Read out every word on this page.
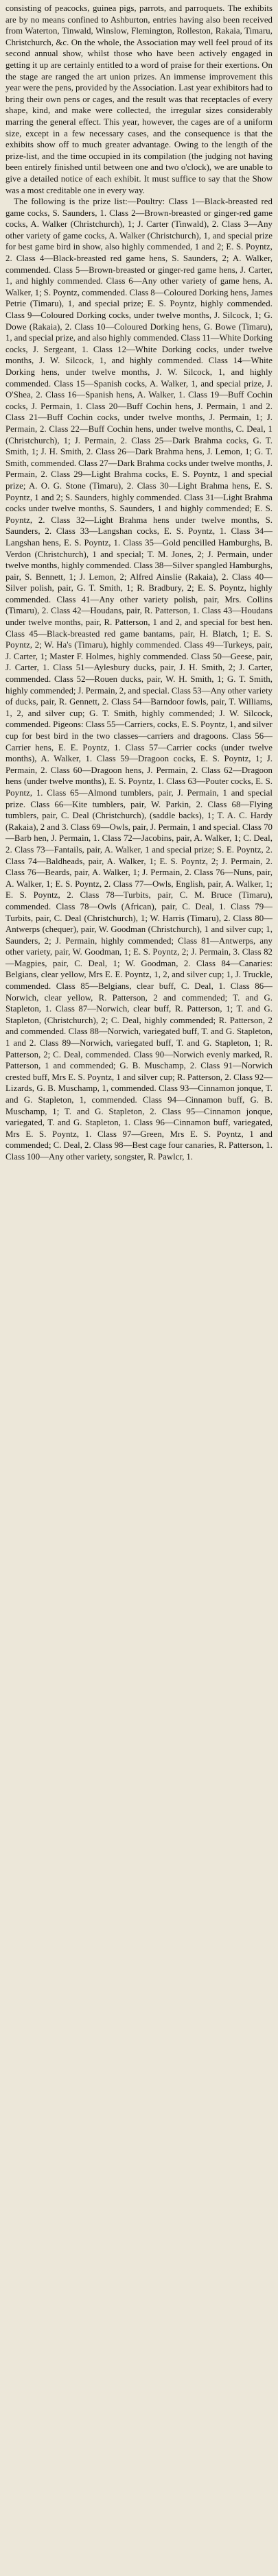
consisting of peacocks, guinea pigs, parrots, and parroquets. The exhibits are by no means confined to Ashburton, entries having also been received from Waterton, Tinwald, Winslow, Flemington, Rolleston, Rakaia, Timaru, Christchurch, &c. On the whole, the Association may well feel proud of its second annual show, whilst those who have been actively engaged in getting it up are certainly entitled to a word of praise for their exertions. On the stage are ranged the art union prizes. An immense improvement this year were the pens, provided by the Association. Last year exhibitors had to bring their own pens or cages, and the result was that receptacles of every shape, kind, and make were collected, the irregular sizes considerably marring the general effect. This year, however, the cages are of a uniform size, except in a few necessary cases, and the consequence is that the exhibits show off to much greater advantage. Owing to the length of the prize-list, and the time occupied in its compilation (the judging not having been entirely finished until between one and two o'clock), we are unable to give a detailed notice of each exhibit. It must suffice to say that the Show was a most creditable one in every way.

The following is the prize list:—Poultry: Class 1—Black-breasted red game cocks, S. Saunders, 1. Class 2—Brown-breasted or ginger-red game cocks, A. Walker (Christchurch), 1; J. Carter (Tinwald), 2. Class 3—Any other variety of game cocks, A. Walker (Christchurch), 1, and special prize for best game bird in show, also highly commended, 1 and 2; E. S. Poyntz, 2. Class 4—Black-breasted red game hens, S. Saunders, 2; A. Walker, commended. Class 5—Brown-breasted or ginger-red game hens, J. Carter, 1, and highly commended. Class 6—Any other variety of game hens, A. Walker, 1; S. Poyntz, commended. Class 8—Coloured Dorking hens, James Petrie (Timaru), 1, and special prize; E. S. Poyntz, highly commended. Class 9—Coloured Dorking cocks, under twelve months, J. Silcock, 1; G. Dowe (Rakaia), 2. Class 10—Coloured Dorking hens, G. Bowe (Timaru), 1, and special prize, and also highly commended. Class 11—White Dorking cocks, J. Sergeant, 1. Class 12—White Dorking cocks, under twelve months, J. W. Silcock, 1, and highly commended. Class 14—White Dorking hens, under twelve months, J. W. Silcock, 1, and highly commended. Class 15—Spanish cocks, A. Walker, 1, and special prize, J. O'Shea, 2. Class 16—Spanish hens, A. Walker, 1. Class 19—Buff Cochin cocks, J. Permain, 1. Class 20—Buff Cochin hens, J. Permain, 1 and 2. Class 21—Buff Cochin cocks, under twelve months, J. Permain, 1; J. Permain, 2. Class 22—Buff Cochin hens, under twelve months, C. Deal, 1 (Christchurch), 1; J. Permain, 2. Class 25—Dark Brahma cocks, G. T. Smith, 1; J. H. Smith, 2. Class 26—Dark Brahma hens, J. Lemon, 1; G. T. Smith, commended. Class 27—Dark Brahma cocks under twelve months, J. Permain, 2. Class 29—Light Brahma cocks, E. S. Poyntz, 1 and special prize; A. O. G. Stone (Timaru), 2. Class 30—Light Brahma hens, E. S. Poyntz, 1 and 2; S. Saunders, highly commended. Class 31—Light Brahma cocks under twelve months, S. Saunders, 1 and highly commended; E. S. Poyntz, 2. Class 32—Light Brahma hens under twelve months, S. Saunders, 2. Class 33—Langshan cocks, E. S. Poyntz, 1. Class 34—Langshan hens, E. S. Poyntz, 1. Class 35—Gold pencilled Hamburghs, B. Verdon (Christchurch), 1 and special; T. M. Jones, 2; J. Permain, under twelve months, highly commended. Class 38—Silver spangled Hamburghs, pair, S. Bennett, 1; J. Lemon, 2; Alfred Ainslie (Rakaia), 2. Class 40—Silver polish, pair, G. T. Smith, 1; R. Bradbury, 2; E. S. Poyntz, highly commended. Class 41—Any other variety polish, pair, Mrs. Collins (Timaru), 2. Class 42—Houdans, pair, R. Patterson, 1. Class 43—Houdans under twelve months, pair, R. Patterson, 1 and 2, and special for best hen. Class 45—Black-breasted red game bantams, pair, H. Blatch, 1; E. S. Poyntz, 2; W. Ha's (Timaru), highly commended. Class 49—Turkeys, pair, J. Carter, 1; Master F. Holmes, highly commended. Class 50—Geese, pair, J. Carter, 1. Class 51—Aylesbury ducks, pair, J. H. Smith, 2; J. Carter, commended. Class 52—Rouen ducks, pair, W. H. Smith, 1; G. T. Smith, highly commended; J. Permain, 2, and special. Class 53—Any other variety of ducks, pair, R. Gennett, 2. Class 54—Barndoor fowls, pair, T. Williams, 1, 2, and silver cup; G. T. Smith, highly commended; J. W. Silcock, commended. Pigeons: Class 55—Carriers, cocks, E. S. Poyntz, 1, and silver cup for best bird in the two classes—carriers and dragoons. Class 56—Carrier hens, E. E. Poyntz, 1. Class 57—Carrier cocks (under twelve months), A. Walker, 1. Class 59—Dragoon cocks, E. S. Poyntz, 1; J. Permain, 2. Class 60—Dragoon hens, J. Permain, 2. Class 62—Dragoon hens (under twelve months), E. S. Poyntz, 1. Class 63—Pouter cocks, E. S. Poyntz, 1. Class 65—Almond tumblers, pair, J. Permain, 1 and special prize. Class 66—Kite tumblers, pair, W. Parkin, 2. Class 68—Flying tumblers, pair, C. Deal (Christchurch), (saddle backs), 1; T. A. C. Hardy (Rakaia), 2 and 3. Class 69—Owls, pair, J. Permain, 1 and special. Class 70—Barb hen, J. Permain, 1. Class 72—Jacobins, pair, A. Walker, 1; C. Deal, 2. Class 73—Fantails, pair, A. Walker, 1 and special prize; S. E. Poyntz, 2. Class 74—Baldheads, pair, A. Walker, 1; E. S. Poyntz, 2; J. Permain, 2. Class 76—Beards, pair, A. Walker, 1; J. Permain, 2. Class 76—Nuns, pair, A. Walker, 1; E. S. Poyntz, 2. Class 77—Owls, English, pair, A. Walker, 1; E. S. Poyntz, 2. Class 78—Turbits, pair, C. M. Bruce (Timaru), commended. Class 78—Owls (African), pair, C. Deal, 1. Class 79—Turbits, pair, C. Deal (Christchurch), 1; W. Harris (Timaru), 2. Class 80—Antwerps (chequer), pair, W. Goodman (Christchurch), 1 and silver cup; 1, Saunders, 2; J. Permain, highly commended; Class 81—Antwerps, any other variety, pair, W. Goodman, 1; E. S. Poyntz, 2; J. Permain, 3. Class 82—Magpies, pair, C. Deal, 1; W. Goodman, 2. Class 84—Canaries: Belgians, clear yellow, Mrs E. E. Poyntz, 1, 2, and silver cup; 1, J. Truckle, commended. Class 85—Belgians, clear buff, C. Deal, 1. Class 86—Norwich, clear yellow, R. Patterson, 2 and commended; T. and G. Stapleton, 1. Class 87—Norwich, clear buff, R. Patterson, 1; T. and G. Stapleton, (Christchurch), 2; C. Deal, highly commended; R. Patterson, 2 and commended. Class 88—Norwich, variegated buff, T. and G. Stapleton, 1 and 2. Class 89—Norwich, variegated buff, T. and G. Stapleton, 1; R. Patterson, 2; C. Deal, commended. Class 90—Norwich evenly marked, R. Patterson, 1 and commended; G. B. Muschamp, 2. Class 91—Norwich crested buff, Mrs E. S. Poyntz, 1 and silver cup; R. Patterson, 2. Class 92—Lizards, G. B. Muschamp, 1, commended. Class 93—Cinnamon jonque, T. and G. Stapleton, 1, commended. Class 94—Cinnamon buff, G. B. Muschamp, 1; T. and G. Stapleton, 2. Class 95—Cinnamon jonque, variegated, T. and G. Stapleton, 1. Class 96—Cinnamon buff, variegated, Mrs E. S. Poyntz, 1. Class 97—Green, Mrs E. S. Poyntz, 1 and commended; C. Deal, 2. Class 98—Best cage four canaries, R. Patterson, 1. Class 100—Any other variety, songster, R. Pawlcr, 1.
